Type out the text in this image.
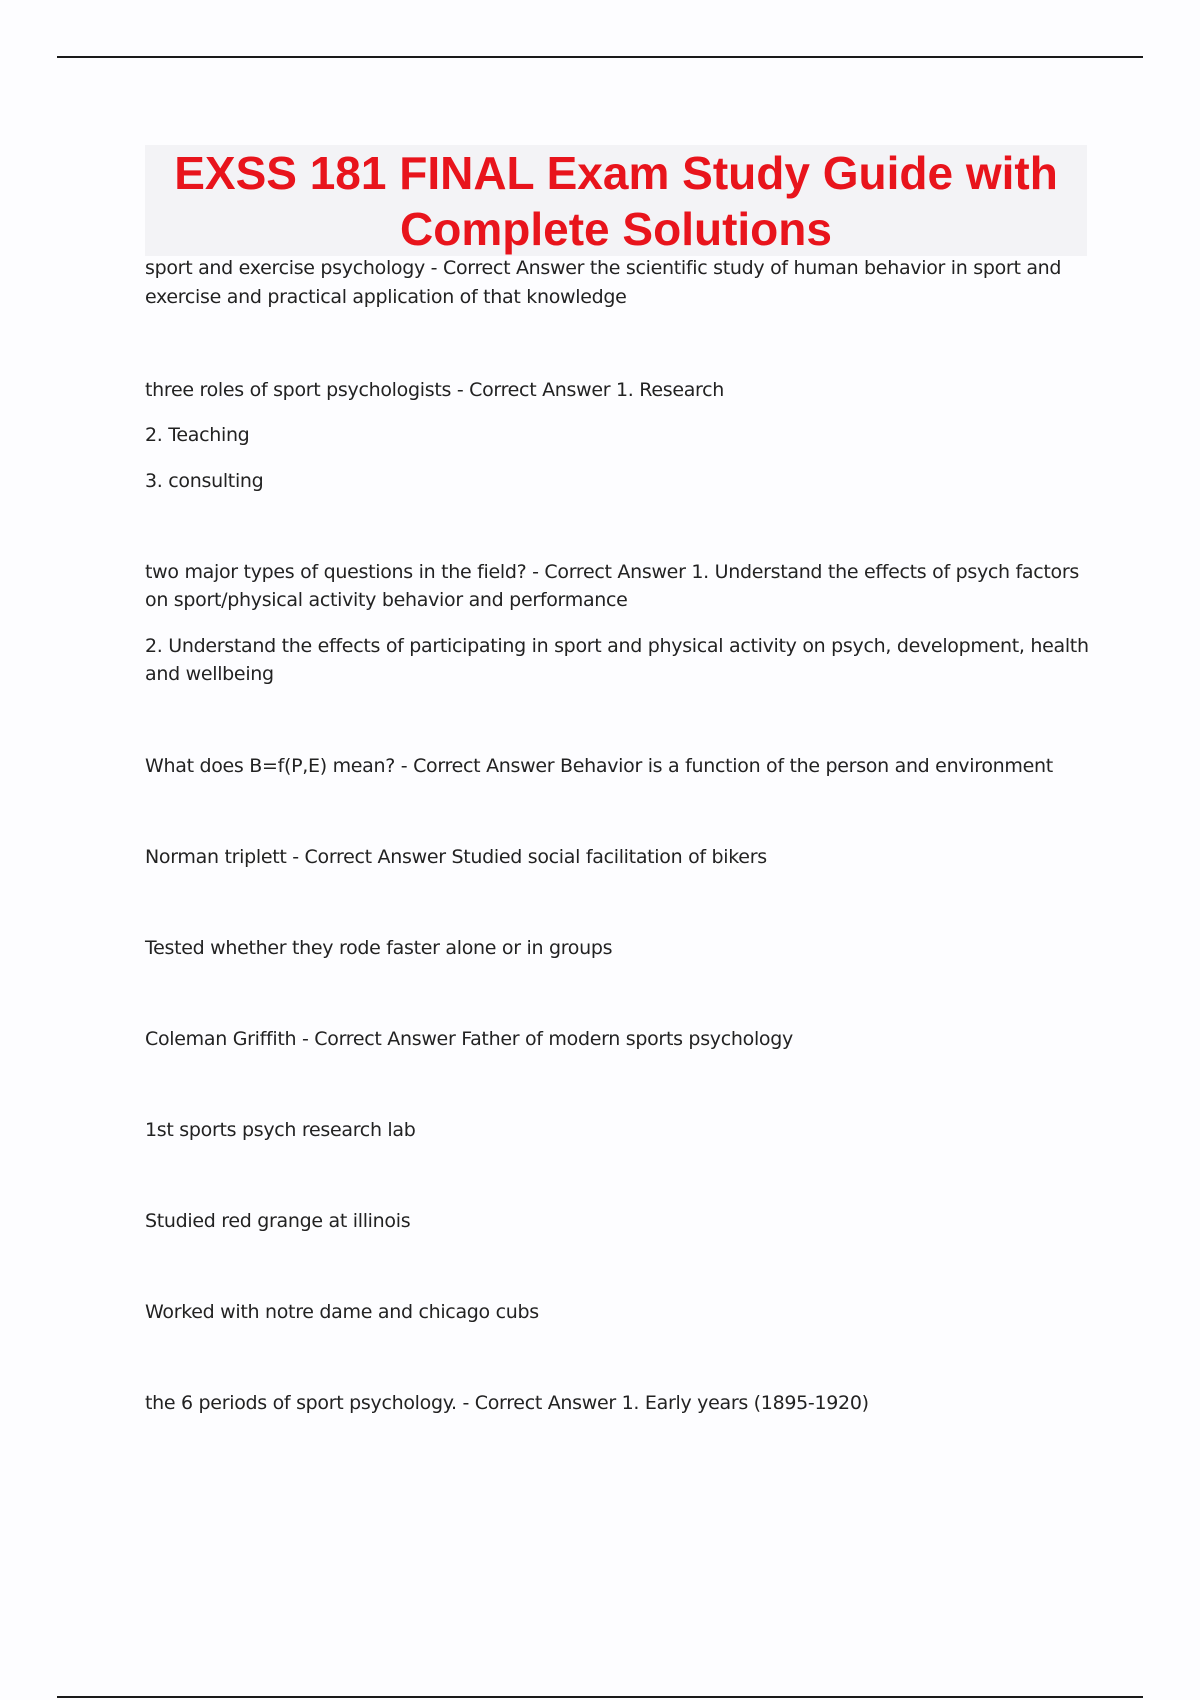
EXSS 181 FINAL Exam Study Guide with
Complete Solutions

sport and exercise psychology - Correct Answer the scientific study of human behavior in sport and exercise and practical application of that knowledge

three roles of sport psychologists - Correct Answer 1. Research

2. Teaching

3. consulting

two major types of questions in the field? - Correct Answer 1. Understand the effects of psych factors on sport/physical activity behavior and performance

2. Understand the effects of participating in sport and physical activity on psych, development, health and wellbeing

What does B=f(P,E) mean? - Correct Answer Behavior is a function of the person and environment

Norman triplett - Correct Answer Studied social facilitation of bikers

Tested whether they rode faster alone or in groups

Coleman Griffith - Correct Answer Father of modern sports psychology

1st sports psych research lab

Studied red grange at illinois

Worked with notre dame and chicago cubs

the 6 periods of sport psychology. - Correct Answer 1. Early years (1895-1920)
